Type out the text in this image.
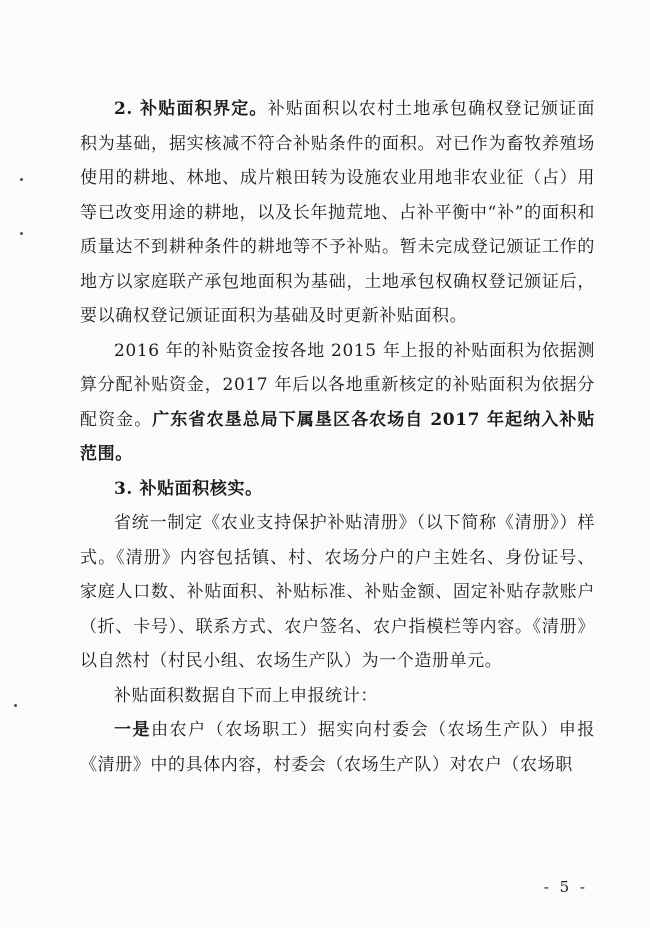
2. 补贴面积界定。补贴面积以农村土地承包确权登记颁证面积为基础，据实核减不符合补贴条件的面积。对已作为畜牧养殖场使用的耕地、林地、成片粮田转为设施农业用地非农业征（占）用等已改变用途的耕地，以及长年抛荒地、占补平衡中“补”的面积和质量达不到耕种条件的耕地等不予补贴。暂未完成登记颁证工作的地方以家庭联产承包地面积为基础，土地承包权确权登记颁证后，要以确权登记颁证面积为基础及时更新补贴面积。

2016 年的补贴资金按各地 2015 年上报的补贴面积为依据测算分配补贴资金，2017 年后以各地重新核定的补贴面积为依据分配资金。广东省农垦总局下属垦区各农场自 2017 年起纳入补贴范围。

3. 补贴面积核实。

省统一制定《农业支持保护补贴清册》（以下简称《清册》）样式。《清册》内容包括镇、村、农场分户的户主姓名、身份证号、家庭人口数、补贴面积、补贴标准、补贴金额、固定补贴存款账户（折、卡号）、联系方式、农户签名、农户指模栏等内容。《清册》以自然村（村民小组、农场生产队）为一个造册单元。

补贴面积数据自下而上申报统计：

一是由农户（农场职工）据实向村委会（农场生产队）申报《清册》中的具体内容，村委会（农场生产队）对农户（农场职

- 5 -
